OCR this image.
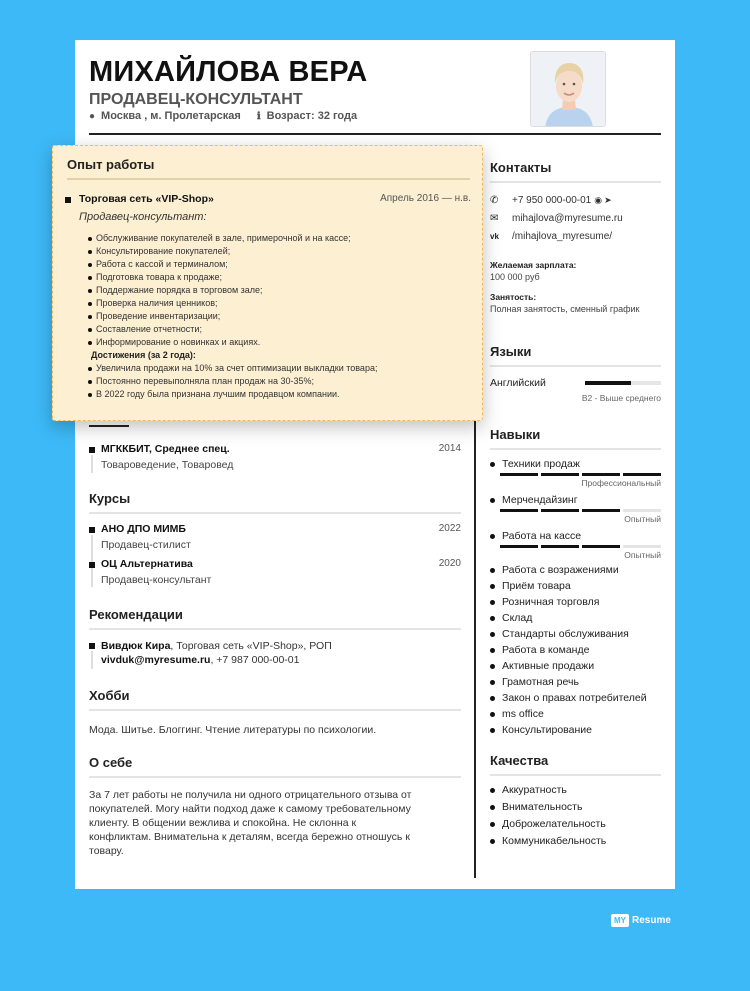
МИХАЙЛОВА ВЕРА
ПРОДАВЕЦ-КОНСУЛЬТАНТ
● Москва , м. Пролетарская ℹ Возраст: 32 года
МГККБИТ, Среднее спец.	2014
Товароведение, Товаровед
Курсы
АНО ДПО МИМБ	2022
Продавец-стилист
ОЦ Альтернатива	2020
Продавец-консультант
Рекомендации
Вивдюк Кира, Торговая сеть «VIP-Shop», РОП
vivduk@myresume.ru, +7 987 000-00-01
Хобби
Мода. Шитье. Блоггинг. Чтение литературы по психологии.
О себе
За 7 лет работы не получила ни одного отрицательного отзыва от покупателей. Могу найти подход даже к самому требовательному клиенту. В общении вежлива и спокойна. Не склонна к конфликтам. Внимательна к деталям, всегда бережно отношусь к товару.
Контакты
✆	+7 950 000-00-01 ◉ ➤
✉	mihajlova@myresume.ru
vk	/mihajlova_myresume/
Желаемая зарплата:
100 000 руб
Занятость:
Полная занятость, сменный график
Языки
Английский
B2 - Выше среднего
Навыки
Техники продаж
Профессиональный
Мерчендайзинг
Опытный
Работа на кассе
Опытный
Работа с возражениями
Приём товара
Розничная торговля
Склад
Стандарты обслуживания
Работа в команде
Активные продажи
Грамотная речь
Закон о правах потребителей
ms office
Консультирование
Качества
Аккуратность
Внимательность
Доброжелательность
Коммуникабельность
Опыт работы
Торговая сеть «VIP-Shop»	Апрель 2016 — н.в.
Продавец-консультант:
Обслуживание покупателей в зале, примерочной и на кассе;
Консультирование покупателей;
Работа с кассой и терминалом;
Подготовка товара к продаже;
Поддержание порядка в торговом зале;
Проверка наличия ценников;
Проведение инвентаризации;
Составление отчетности;
Информирование о новинках и акциях.
Достижения (за 2 года):
Увеличила продажи на 10% за счет оптимизации выкладки товара;
Постоянно перевыполняла план продаж на 30-35%;
В 2022 году была признана лучшим продавцом компании.
MY Resume
